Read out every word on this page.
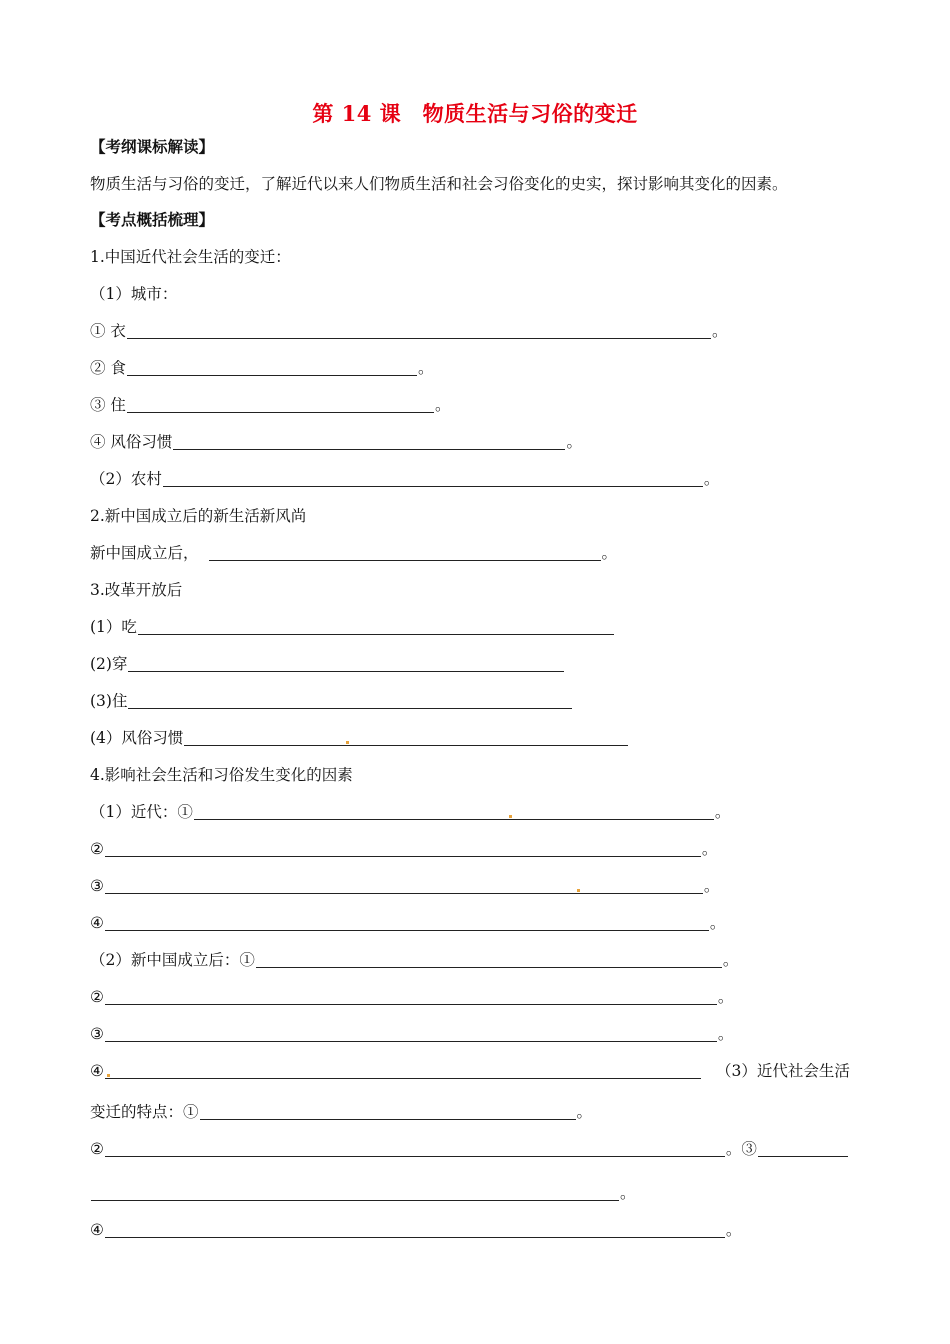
第 14 课　物质生活与习俗的变迁
【考纲课标解读】
物质生活与习俗的变迁，了解近代以来人们物质生活和社会习俗变化的史实，探讨影响其变化的因素。
【考点概括梳理】
1.中国近代社会生活的变迁：
（1）城市：
① 衣	。
② 食	。
③ 住	。
④ 风俗习惯	。
（2）农村	。
2.新中国成立后的新生活新风尚
新中国成立后，	。
3.改革开放后
(1）吃
(2)穿
(3)住
(4）风俗习惯
4.影响社会生活和习俗发生变化的因素
（1）近代：①	。
②	。
③	。
④	。
（2）新中国成立后：①	。
②	。
③	。
④	（3）近代社会生活
变迁的特点：①	。
②	。③
。
④	。
